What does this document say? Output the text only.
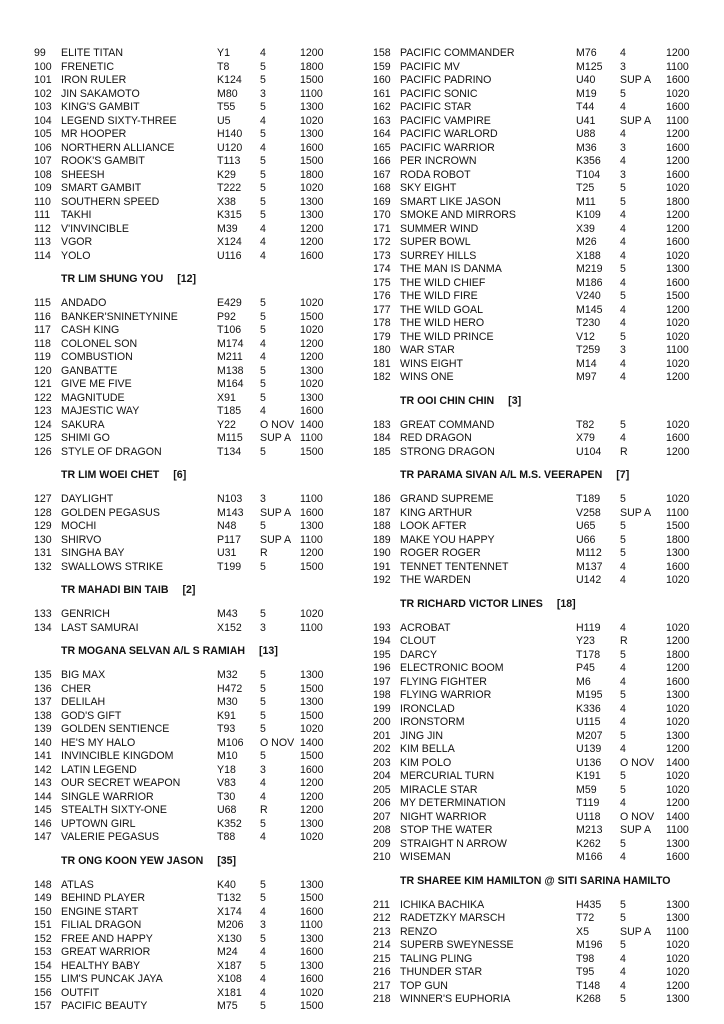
99 ELITE TITAN	Y1	4	1200
100 FRENETIC	T8	5	1800
101 IRON RULER	K124 5	1500
102 JIN SAKAMOTO	M80 3	1100
103 KING'S GAMBIT	T55 5	1300
104 LEGEND SIXTY-THREE	U5	4	1020
105 MR HOOPER	H140 5	1300
106 NORTHERN ALLIANCE	U120 4	1600
107 ROOK'S GAMBIT	T113 5	1500
108 SHEESH	K29 5	1800
109 SMART GAMBIT	T222 5	1020
110 SOUTHERN SPEED	X38 5	1300
111 TAKHI	K315 5	1300
112 V'INVINCIBLE	M39 4	1200
113 VGOR	X124 4	1200
114 YOLO	U116 4	1600
TR LIM SHUNG YOU [12]
115 ANDADO	E429 5	1020
116 BANKER'SNINETYNINE	P92 5	1500
117 CASH KING	T106 5	1020
118 COLONEL SON	M174 4	1200
119 COMBUSTION	M211 4	1200
120 GANBATTE	M138 5	1300
121 GIVE ME FIVE	M164 5	1020
122 MAGNITUDE	X91 5	1300
123 MAJESTIC WAY	T185 4	1600
124 SAKURA	Y22 O NOV 1400
125 SHIMI GO	M115 SUP A 1100
126 STYLE OF DRAGON	T134 5	1500
TR LIM WOEI CHET [6]
127 DAYLIGHT	N103 3	1100
128 GOLDEN PEGASUS	M143 SUP A 1600
129 MOCHI	N48 5	1300
130 SHIRVO	P117 SUP A 1100
131 SINGHA BAY	U31 R	1200
132 SWALLOWS STRIKE	T199 5	1500
TR MAHADI BIN TAIB [2]
133 GENRICH	M43 5	1020
134 LAST SAMURAI	X152 3	1100
TR MOGANA SELVAN A/L S RAMIAH [13]
135 BIG MAX	M32 5	1300
136 CHER	H472 5	1500
137 DELILAH	M30 5	1300
138 GOD'S GIFT	K91 5	1500
139 GOLDEN SENTIENCE	T93 5	1020
140 HE'S MY HALO	M106 O NOV 1400
141 INVINCIBLE KINGDOM	M10 5	1500
142 LATIN LEGEND	Y18 3	1600
143 OUR SECRET WEAPON	V83 4	1200
144 SINGLE WARRIOR	T30 4	1200
145 STEALTH SIXTY-ONE	U68 R	1200
146 UPTOWN GIRL	K352 5	1300
147 VALERIE PEGASUS	T88 4	1020
TR ONG KOON YEW JASON [35]
148 ATLAS	K40 5	1300
149 BEHIND PLAYER	T132 5	1500
150 ENGINE START	X174 4	1600
151 FILIAL DRAGON	M206 3	1100
152 FREE AND HAPPY	X130 5	1300
153 GREAT WARRIOR	M24 4	1600
154 HEALTHY BABY	X187 5	1300
155 LIM'S PUNCAK JAYA	X108 4	1600
156 OUTFIT	X181 4	1020
157 PACIFIC BEAUTY	M75 5	1500
158 PACIFIC COMMANDER	M76 4	1200
159 PACIFIC MV	M125 3	1100
160 PACIFIC PADRINO	U40 SUP A 1600
161 PACIFIC SONIC	M19 5	1020
162 PACIFIC STAR	T44 4	1600
163 PACIFIC VAMPIRE	U41 SUP A 1100
164 PACIFIC WARLORD	U88 4	1200
165 PACIFIC WARRIOR	M36 3	1600
166 PER INCROWN	K356 4	1200
167 RODA ROBOT	T104 3	1600
168 SKY EIGHT	T25 5	1020
169 SMART LIKE JASON	M11 5	1800
170 SMOKE AND MIRRORS	K109 4	1200
171 SUMMER WIND	X39 4	1200
172 SUPER BOWL	M26 4	1600
173 SURREY HILLS	X188 4	1020
174 THE MAN IS DANMA	M219 5	1300
175 THE WILD CHIEF	M186 4	1600
176 THE WILD FIRE	V240 5	1500
177 THE WILD GOAL	M145 4	1200
178 THE WILD HERO	T230 4	1020
179 THE WILD PRINCE	V12 5	1020
180 WAR STAR	T259 3	1100
181 WINS EIGHT	M14 4	1020
182 WINS ONE	M97 4	1200
TR OOI CHIN CHIN [3]
183 GREAT COMMAND	T82 5	1020
184 RED DRAGON	X79 4	1600
185 STRONG DRAGON	U104 R	1200
TR PARAMA SIVAN A/L M.S. VEERAPEN [7]
186 GRAND SUPREME	T189 5	1020
187 KING ARTHUR	V258 SUP A 1100
188 LOOK AFTER	U65 5	1500
189 MAKE YOU HAPPY	U66 5	1800
190 ROGER ROGER	M112 5	1300
191 TENNET TENTENNET	M137 4	1600
192 THE WARDEN	U142 4	1020
TR RICHARD VICTOR LINES [18]
193 ACROBAT	H119 4	1020
194 CLOUT	Y23 R	1200
195 DARCY	T178 5	1800
196 ELECTRONIC BOOM	P45 4	1200
197 FLYING FIGHTER	M6	4	1600
198 FLYING WARRIOR	M195 5	1300
199 IRONCLAD	K336 4	1020
200 IRONSTORM	U115 4	1020
201 JING JIN	M207 5	1300
202 KIM BELLA	U139 4	1200
203 KIM POLO	U136 O NOV 1400
204 MERCURIAL TURN	K191 5	1020
205 MIRACLE STAR	M59 5	1020
206 MY DETERMINATION	T119 4	1200
207 NIGHT WARRIOR	U118 O NOV 1400
208 STOP THE WATER	M213 SUP A 1100
209 STRAIGHT N ARROW	K262 5	1300
210 WISEMAN	M166 4	1600
TR SHAREE KIM HAMILTON @ SITI SARINA HAMILTO
211 ICHIKA BACHIKA	H435 5	1300
212 RADETZKY MARSCH	T72 5	1300
213 RENZO	X5	SUP A 1100
214 SUPERB SWEYNESSE	M196 5	1020
215 TALING PLING	T98 4	1020
216 THUNDER STAR	T95 4	1020
217 TOP GUN	T148 4	1200
218 WINNER'S EUPHORIA	K268 5	1300
